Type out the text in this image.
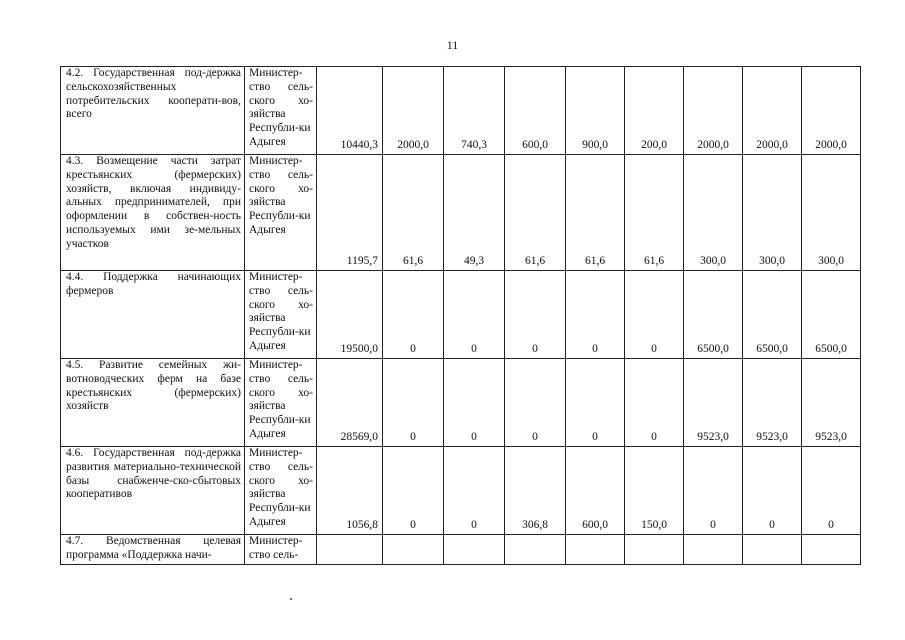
11
4.2. Государственная под-держка сельскохозяйственных потребительских кооперати-вов, всего	Министер-ство сель-ского хо-зяйства Республи-ки Адыгея	10440,3	2000,0	740,3	600,0	900,0	200,0	2000,0	2000,0	2000,0
4.3. Возмещение части затрат крестьянских (фермерских) хозяйств, включая индивиду-альных предпринимателей, при оформлении в собствен-ность используемых ими зе-мельных участков	Министер-ство сель-ского хо-зяйства Республи-ки Адыгея	1195,7	61,6	49,3	61,6	61,6	61,6	300,0	300,0	300,0
4.4. Поддержка начинающих фермеров	Министер-ство сель-ского хо-зяйства Республи-ки Адыгея	19500,0	0	0	0	0	0	6500,0	6500,0	6500,0
4.5. Развитие семейных жи-вотноводческих ферм на базе крестьянских (фермерских) хозяйств	Министер-ство сель-ского хо-зяйства Республи-ки Адыгея	28569,0	0	0	0	0	0	9523,0	9523,0	9523,0
4.6. Государственная под-держка развития материально-технической базы снабженче-ско-сбытовых кооперативов	Министер-ство сель-ского хо-зяйства Республи-ки Адыгея	1056,8	0	0	306,8	600,0	150,0	0	0	0
4.7. Ведомственная целевая программа «Поддержка начи-	Министер-ство сель-									
